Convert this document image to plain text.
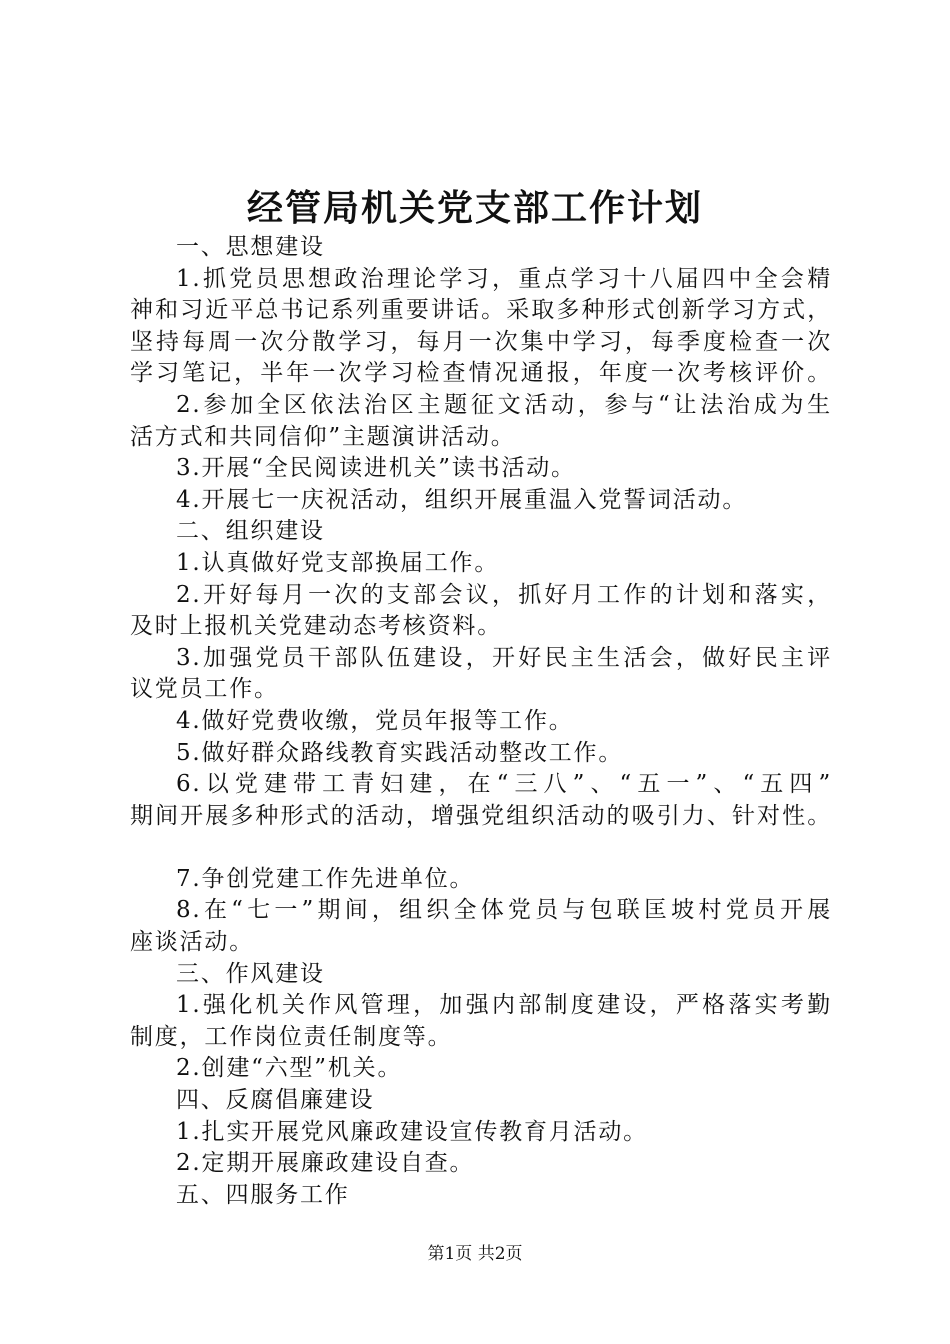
经管局机关党支部工作计划
一、思想建设
1.抓党员思想政治理论学习，重点学习十八届四中全会精
神和习近平总书记系列重要讲话。采取多种形式创新学习方式，
坚持每周一次分散学习，每月一次集中学习，每季度检查一次
学习笔记，半年一次学习检查情况通报，年度一次考核评价。
2.参加全区依法治区主题征文活动，参与“让法治成为生
活方式和共同信仰”主题演讲活动。
3.开展“全民阅读进机关”读书活动。
4.开展七一庆祝活动，组织开展重温入党誓词活动。
二、组织建设
1.认真做好党支部换届工作。
2.开好每月一次的支部会议，抓好月工作的计划和落实，
及时上报机关党建动态考核资料。
3.加强党员干部队伍建设，开好民主生活会，做好民主评
议党员工作。
4.做好党费收缴，党员年报等工作。
5.做好群众路线教育实践活动整改工作。
6.以党建带工青妇建，在“三八”、“五一”、“五四”
期间开展多种形式的活动，增强党组织活动的吸引力、针对性。
7.争创党建工作先进单位。
8.在“七一”期间，组织全体党员与包联匡坡村党员开展
座谈活动。
三、作风建设
1.强化机关作风管理，加强内部制度建设，严格落实考勤
制度，工作岗位责任制度等。
2.创建“六型”机关。
四、反腐倡廉建设
1.扎实开展党风廉政建设宣传教育月活动。
2.定期开展廉政建设自查。
五、四服务工作
第1页 共2页
